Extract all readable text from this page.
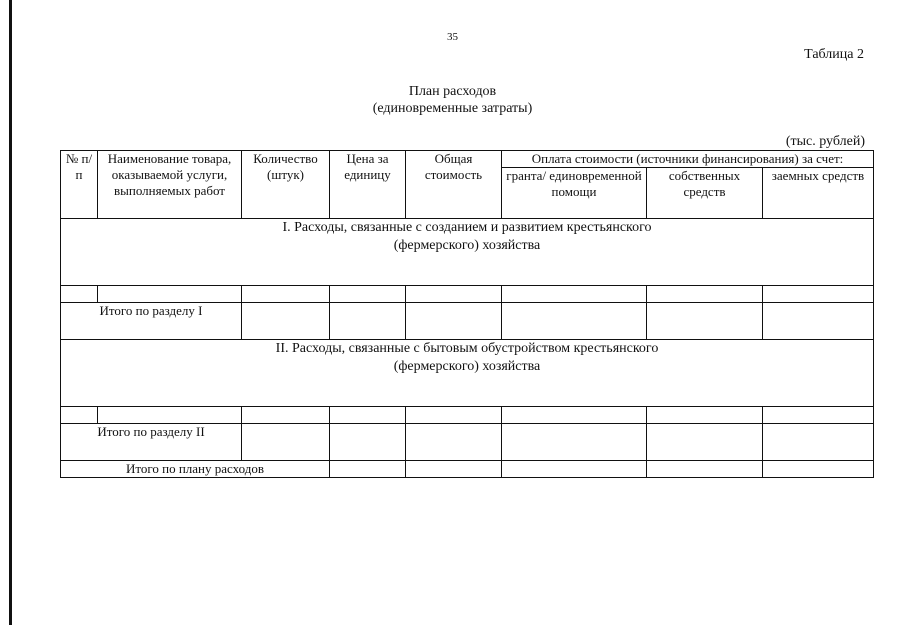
35
Таблица 2
План расходов
(единовременные затраты)
(тыс. рублей)
№ п/п	Наименование товара, оказываемой услуги, выполняемых работ	Количество (штук)	Цена за единицу	Общая стоимость	Оплата стоимости (источники финансирования) за счет:		
					гранта/ единовременной помощи	собственных средств	заемных средств

I. Расходы, связанные с созданием и развитием крестьянского
(фермерского) хозяйства							

Итого по разделу I							

II. Расходы, связанные с бытовым обустройством крестьянского
(фермерского) хозяйства							

Итого по разделу II							
Итого по плану расходов							
